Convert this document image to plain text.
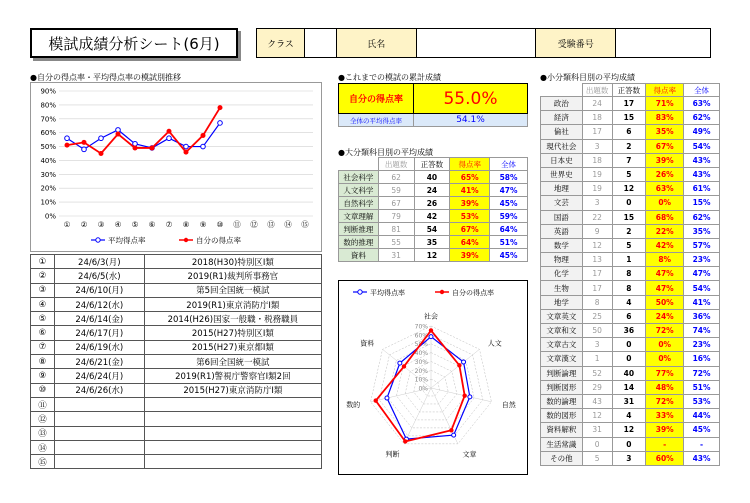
模試成績分析シート(6月)	クラス		氏名		受験番号	
●自分の得点率・平均得点率の模試別推移
0%
10%
20%
30%
40%
50%
60%
70%
80%
90%
① ② ③ ④ ⑤ ⑥ ⑦ ⑧ ⑨ ⑩ ⑪ ⑫ ⑬ ⑭ ⑮
平均得点率	自分の得点率
①	24/6/3(月)	2018(H30)特別区Ⅰ類
②	24/6/5(水)	2019(R1)裁判所事務官
③	24/6/10(月)	第5回全国統一模試
④	24/6/12(水)	2019(R1)東京消防庁Ⅰ類
⑤	24/6/14(金)	2014(H26)国家一般職・税務職員
⑥	24/6/17(月)	2015(H27)特別区Ⅰ類
⑦	24/6/19(水)	2015(H27)東京都Ⅰ類
⑧	24/6/21(金)	第6回全国統一模試
⑨	24/6/24(月)	2019(R1)警視庁警察官Ⅰ類2回
⑩	24/6/26(水)	2015(H27)東京消防庁Ⅰ類
⑪		
⑫		
⑬		
⑭		
⑮		
●これまでの模試の累計成績
自分の得点率	55.0%
全体の平均得点率	54.1%
●大分類科目別の平均成績
	出題数	正答数	得点率	全体
社会科学	62	40	65%	58%
人文科学	59	24	41%	47%
自然科学	67	26	39%	45%
文章理解	79	42	53%	59%
判断推理	81	54	67%	64%
数的推理	55	35	64%	51%
資料	31	12	39%	45%
平均得点率	自分の得点率
0%
10%
20%
30%
40%
50%
60%
70%
社会
人文
自然
文章
判断
数的
資料
●小分類科目別の平均成績
	出題数	正答数	得点率	全体
政治	24	17	71%	63%
経済	18	15	83%	62%
倫社	17	6	35%	49%
現代社会	3	2	67%	54%
日本史	18	7	39%	43%
世界史	19	5	26%	43%
地理	19	12	63%	61%
文芸	3	0	0%	15%
国語	22	15	68%	62%
英語	9	2	22%	35%
数学	12	5	42%	57%
物理	13	1	8%	23%
化学	17	8	47%	47%
生物	17	8	47%	54%
地学	8	4	50%	41%
文章英文	25	6	24%	36%
文章和文	50	36	72%	74%
文章古文	3	0	0%	23%
文章漢文	1	0	0%	16%
判断論理	52	40	77%	72%
判断図形	29	14	48%	51%
数的論理	43	31	72%	53%
数的図形	12	4	33%	44%
資料解釈	31	12	39%	45%
生活常識	0	0	-	-
その他	5	3	60%	43%
